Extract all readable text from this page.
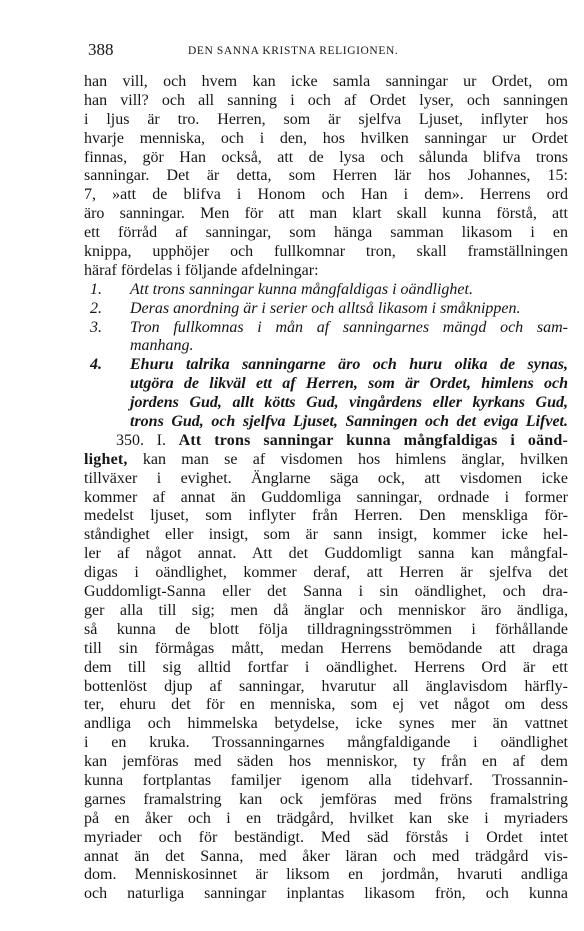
388	DEN SANNA KRISTNA RELIGIONEN.
han vill, och hvem kan icke samla sanningar ur Ordet, om
han vill? och all sanning i och af Ordet lyser, och sanningen
i ljus är tro. Herren, som är sjelfva Ljuset, inflyter hos
hvarje menniska, och i den, hos hvilken sanningar ur Ordet
finnas, gör Han också, att de lysa och sålunda blifva trons
sanningar. Det är detta, som Herren lär hos Johannes, 15:
7, »att de blifva i Honom och Han i dem». Herrens ord
äro sanningar. Men för att man klart skall kunna förstå, att
ett förråd af sanningar, som hänga samman likasom i en
knippa, upphöjer och fullkomnar tron, skall framställningen
häraf fördelas i följande afdelningar:
1. Att trons sanningar kunna mångfaldigas i oändlighet.
2. Deras anordning är i serier och alltså likasom i småknippen.
3. Tron fullkomnas i mån af sanningarnes mängd och sam-
manhang.
4. Ehuru talrika sanningarne äro och huru olika de synas,
utgöra de likväl ett af Herren, som är Ordet, himlens och
jordens Gud, allt kötts Gud, vingårdens eller kyrkans Gud,
trons Gud, och sjelfva Ljuset, Sanningen och det eviga Lifvet.
350. I. Att trons sanningar kunna mångfaldigas i oänd-
lighet, kan man se af visdomen hos himlens änglar, hvilken
tillväxer i evighet. Änglarne säga ock, att visdomen icke
kommer af annat än Guddomliga sanningar, ordnade i former
medelst ljuset, som inflyter från Herren. Den menskliga för-
ståndighet eller insigt, som är sann insigt, kommer icke hel-
ler af något annat. Att det Guddomligt sanna kan mångfal-
digas i oändlighet, kommer deraf, att Herren är sjelfva det
Guddomligt-Sanna eller det Sanna i sin oändlighet, och dra-
ger alla till sig; men då änglar och menniskor äro ändliga,
så kunna de blott följa tilldragningsströmmen i förhållande
till sin förmågas mått, medan Herrens bemödande att draga
dem till sig alltid fortfar i oändlighet. Herrens Ord är ett
bottenlöst djup af sanningar, hvarutur all änglavisdom härfly-
ter, ehuru det för en menniska, som ej vet något om dess
andliga och himmelska betydelse, icke synes mer än vattnet
i en kruka. Trossanningarnes mångfaldigande i oändlighet
kan jemföras med säden hos menniskor, ty från en af dem
kunna fortplantas familjer igenom alla tidehvarf. Trossannin-
garnes framalstring kan ock jemföras med fröns framalstring
på en åker och i en trädgård, hvilket kan ske i myriaders
myriader och för beständigt. Med säd förstås i Ordet intet
annat än det Sanna, med åker läran och med trädgård vis-
dom. Menniskosinnet är liksom en jordmån, hvaruti andliga
och naturliga sanningar inplantas likasom frön, och kunna
